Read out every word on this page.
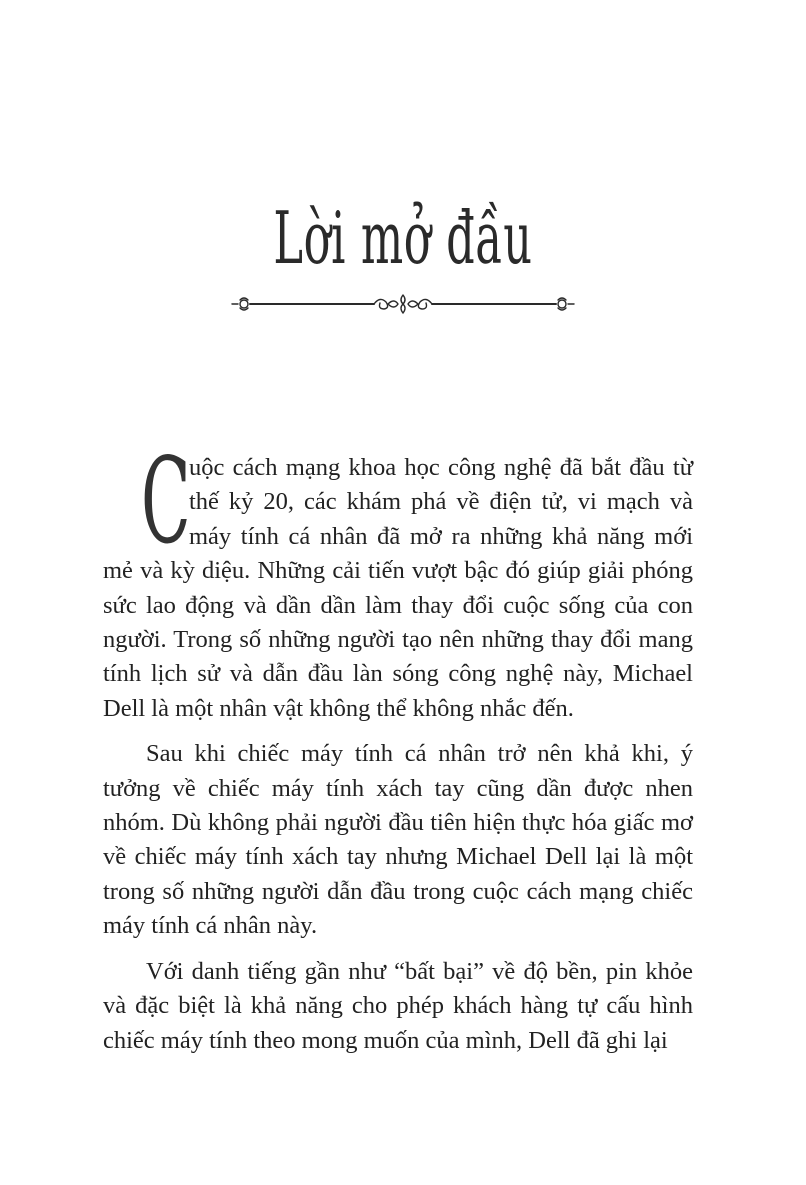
Lời mở đầu

C
uộc cách mạng khoa học công nghệ đã bắt đầu từ thế kỷ 20, các khám phá về điện tử, vi mạch và máy tính cá nhân đã mở ra những khả năng mới mẻ và kỳ diệu. Những cải tiến vượt bậc đó giúp giải phóng sức lao động và dần dần làm thay đổi cuộc sống của con người. Trong số những người tạo nên những thay đổi mang tính lịch sử và dẫn đầu làn sóng công nghệ này, Michael Dell là một nhân vật không thể không nhắc đến.

Sau khi chiếc máy tính cá nhân trở nên khả khi, ý tưởng về chiếc máy tính xách tay cũng dần được nhen nhóm. Dù không phải người đầu tiên hiện thực hóa giấc mơ về chiếc máy tính xách tay nhưng Michael Dell lại là một trong số những người dẫn đầu trong cuộc cách mạng chiếc máy tính cá nhân này.

Với danh tiếng gần như “bất bại” về độ bền, pin khỏe và đặc biệt là khả năng cho phép khách hàng tự cấu hình chiếc máy tính theo mong muốn của mình, Dell đã ghi lại
